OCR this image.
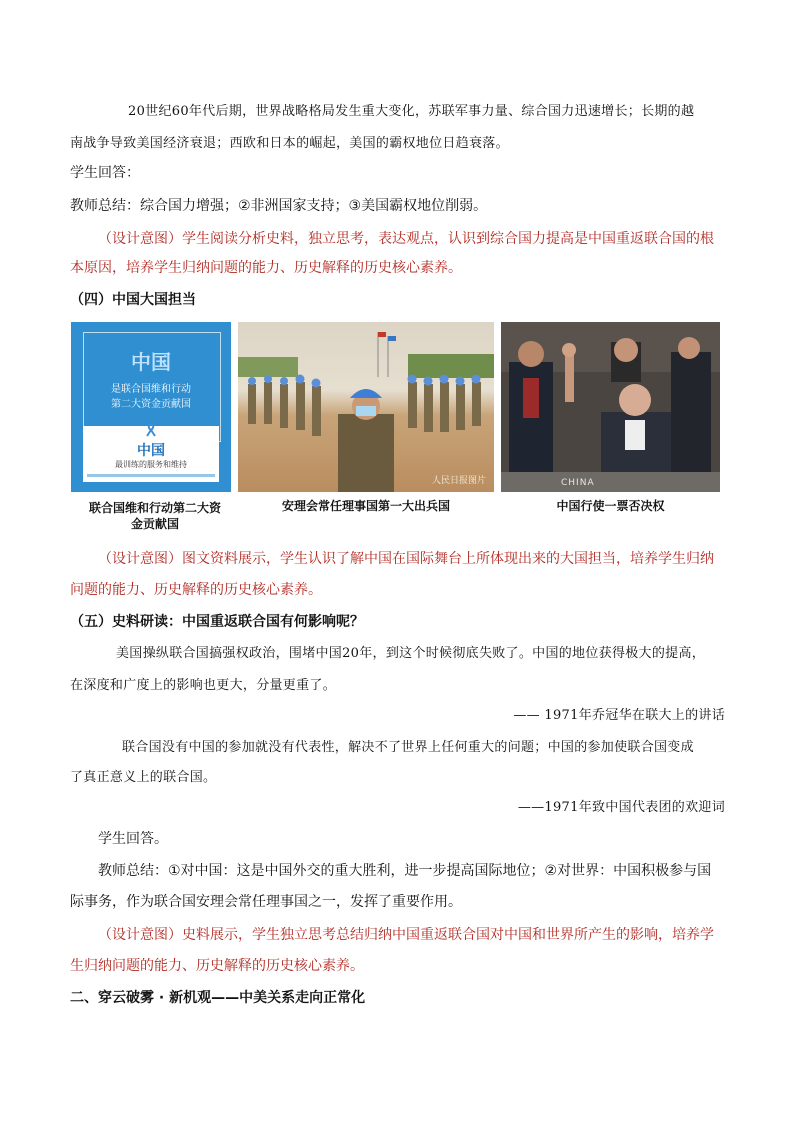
20世纪60年代后期，世界战略格局发生重大变化，苏联军事力量、综合国力迅速增长；长期的越
南战争导致美国经济衰退；西欧和日本的崛起，美国的霸权地位日趋衰落。
学生回答：
教师总结：综合国力增强；②非洲国家支持；③美国霸权地位削弱。
（设计意图）学生阅读分析史料，独立思考，表达观点，认识到综合国力提高是中国重返联合国的根
本原因，培养学生归纳问题的能力、历史解释的历史核心素养。
（四）中国大国担当
中国
是联合国维和行动
第二大资金贡献国
中国
最训练的服务和维持
联合国维和行动第二大资
金贡献国
人民日报图片
安理会常任理事国第一大出兵国
CHINA
中国行使一票否决权
（设计意图）图文资料展示，学生认识了解中国在国际舞台上所体现出来的大国担当，培养学生归纳
问题的能力、历史解释的历史核心素养。
（五）史料研读：中国重返联合国有何影响呢？
美国操纵联合国搞强权政治，围堵中国20年，到这个时候彻底失败了。中国的地位获得极大的提高，
在深度和广度上的影响也更大，分量更重了。
—— 1971年乔冠华在联大上的讲话
联合国没有中国的参加就没有代表性，解决不了世界上任何重大的问题；中国的参加使联合国变成
了真正意义上的联合国。
——1971年致中国代表团的欢迎词
学生回答。
教师总结：①对中国：这是中国外交的重大胜利，进一步提高国际地位；②对世界：中国积极参与国
际事务，作为联合国安理会常任理事国之一，发挥了重要作用。
（设计意图）史料展示，学生独立思考总结归纳中国重返联合国对中国和世界所产生的影响，培养学
生归纳问题的能力、历史解释的历史核心素养。
二、穿云破雾 · 新机观——中美关系走向正常化
